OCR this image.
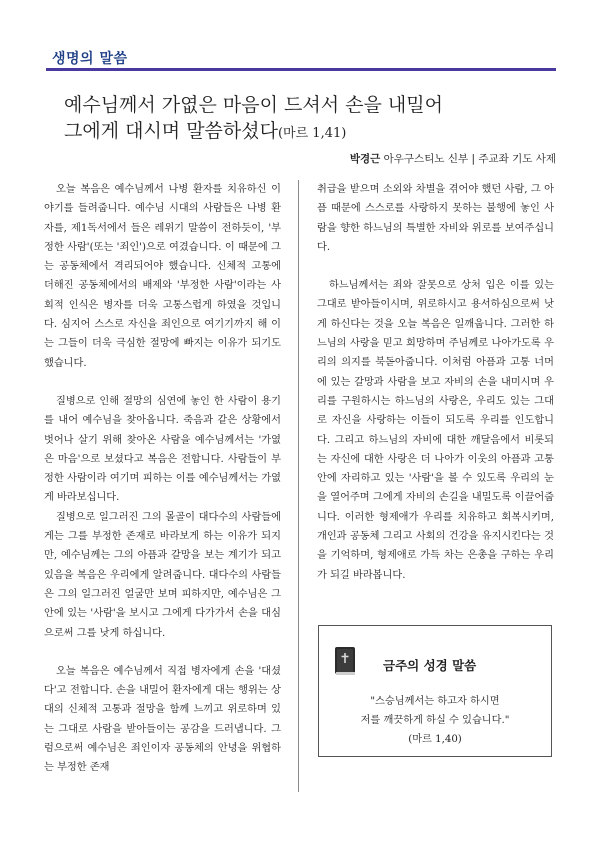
생명의 말씀
예수님께서 가엾은 마음이 드셔서 손을 내밀어
그에게 대시며 말씀하셨다(마르 1,41)
박경근 아우구스티노 신부 | 주교좌 기도 사제

오늘 복음은 예수님께서 나병 환자를 치유하신 이야기를 들려줍니다. 예수님 시대의 사람들은 나병 환자를, 제1독서에서 들은 레위기 말씀이 전하듯이, '부정한 사람'(또는 '죄인')으로 여겼습니다. 이 때문에 그는 공동체에서 격리되어야 했습니다. 신체적 고통에 더해진 공동체에서의 배제와 '부정한 사람'이라는 사회적 인식은 병자를 더욱 고통스럽게 하였을 것입니다. 심지어 스스로 자신을 죄인으로 여기기까지 해 이는 그들이 더욱 극심한 절망에 빠지는 이유가 되기도 했습니다.

질병으로 인해 절망의 심연에 놓인 한 사람이 용기를 내어 예수님을 찾아옵니다. 죽음과 같은 상황에서 벗어나 살기 위해 찾아온 사람을 예수님께서는 '가엾은 마음'으로 보셨다고 복음은 전합니다. 사람들이 부정한 사람이라 여기며 피하는 이를 예수님께서는 가엾게 바라보십니다.

질병으로 일그러진 그의 몰골이 대다수의 사람들에게는 그를 부정한 존재로 바라보게 하는 이유가 되지만, 예수님께는 그의 아픔과 갈망을 보는 계기가 되고 있음을 복음은 우리에게 알려줍니다. 대다수의 사람들은 그의 일그러진 얼굴만 보며 피하지만, 예수님은 그 안에 있는 '사람'을 보시고 그에게 다가가서 손을 대심으로써 그를 낫게 하십니다.

오늘 복음은 예수님께서 직접 병자에게 손을 '대셨다'고 전합니다. 손을 내밀어 환자에게 대는 행위는 상대의 신체적 고통과 절망을 함께 느끼고 위로하며 있는 그대로 사람을 받아들이는 공감을 드러냅니다. 그럼으로써 예수님은 죄인이자 공동체의 안녕을 위협하는 부정한 존재

취급을 받으며 소외와 차별을 겪어야 했던 사람, 그 아픔 때문에 스스로를 사랑하지 못하는 불행에 놓인 사람을 향한 하느님의 특별한 자비와 위로를 보여주십니다.

하느님께서는 죄와 잘못으로 상처 입은 이를 있는 그대로 받아들이시며, 위로하시고 용서하심으로써 낫게 하신다는 것을 오늘 복음은 일깨웁니다. 그러한 하느님의 사랑을 믿고 희망하며 주님께로 나아가도록 우리의 의지를 북돋아줍니다. 이처럼 아픔과 고통 너머에 있는 갈망과 사람을 보고 자비의 손을 내미시며 우리를 구원하시는 하느님의 사랑은, 우리도 있는 그대로 자신을 사랑하는 이들이 되도록 우리를 인도합니다. 그리고 하느님의 자비에 대한 깨달음에서 비롯되는 자신에 대한 사랑은 더 나아가 이웃의 아픔과 고통 안에 자리하고 있는 '사람'을 볼 수 있도록 우리의 눈을 열어주며 그에게 자비의 손길을 내밀도록 이끌어줍니다. 이러한 형제애가 우리를 치유하고 회복시키며, 개인과 공동체 그리고 사회의 건강을 유지시킨다는 것을 기억하며, 형제애로 가득 차는 은총을 구하는 우리가 되길 바라봅니다.

금주의 성경 말씀
"스승님께서는 하고자 하시면
저를 깨끗하게 하실 수 있습니다."
(마르 1,40)
